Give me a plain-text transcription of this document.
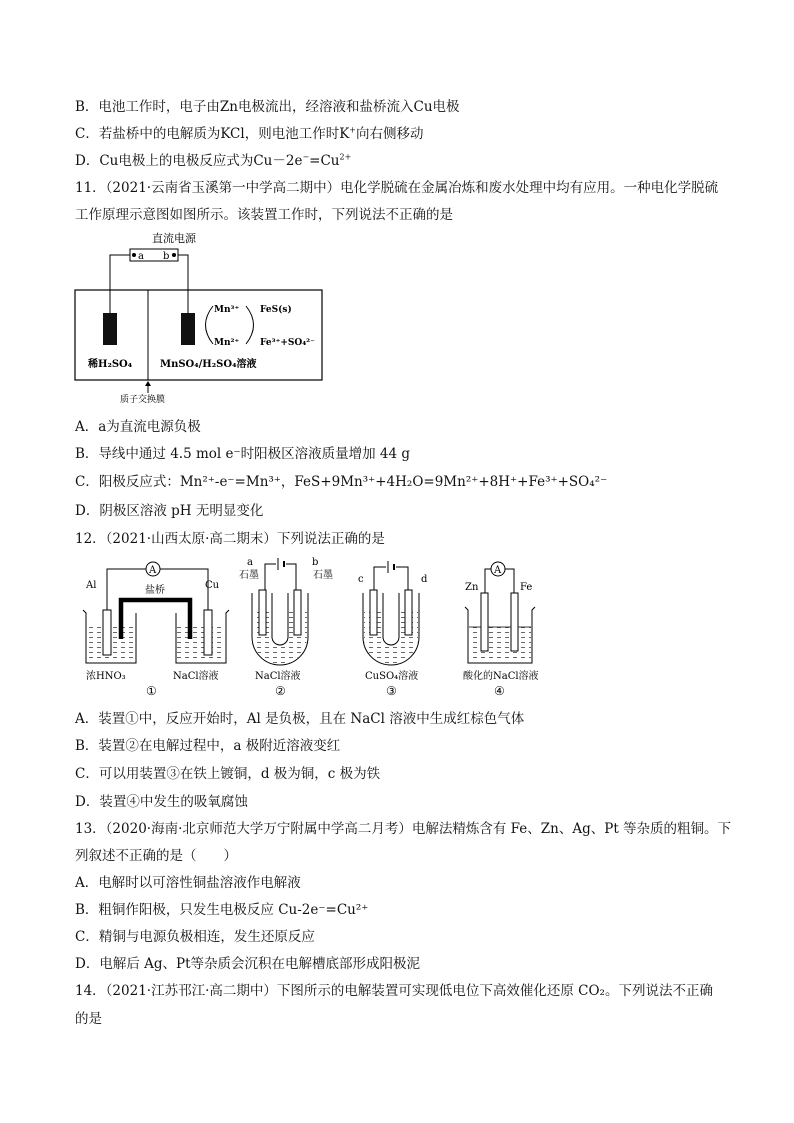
B．电池工作时，电子由Zn电极流出，经溶液和盐桥流入Cu电极
C．若盐桥中的电解质为KCl，则电池工作时K+向右侧移动
D．Cu电极上的电极反应式为$Cu-2e^-=Cu^{2+}$
11．（2021·云南省玉溪第一中学高二期中）电化学脱硫在金属冶炼和废水处理中均有应用。一种电化学脱硫
工作原理示意图如图所示。该装置工作时，下列说法不正确的是
直流电源
a b
Mn³⁺
Mn²⁺
FeS(s)
Fe³⁺+SO₄²⁻
稀H₂SO₄	MnSO₄/H₂SO₄溶液
质子交换膜
A．a为直流电源负极
B．导线中通过 4.5 mol e⁻时阳极区溶液质量增加 44 g
C．阳极反应式：Mn²⁺-e⁻=Mn³⁺，FeS+9Mn³⁺+4H₂O=9Mn²⁺+8H⁺+Fe³⁺+SO₄²⁻
D．阴极区溶液 pH 无明显变化
12．（2021·山西太原·高二期末）下列说法正确的是
A
Al	Cu
盐桥
浓HNO₃	NaCl溶液
①
a	b
石墨	石墨
NaCl溶液
②
c	d
CuSO₄溶液
③
A
Zn	Fe
酸化的NaCl溶液
④
A．装置①中，反应开始时，Al 是负极，且在 NaCl 溶液中生成红棕色气体
B．装置②在电解过程中，a 极附近溶液变红
C．可以用装置③在铁上镀铜，d 极为铜，c 极为铁
D．装置④中发生的吸氧腐蚀
13．（2020·海南·北京师范大学万宁附属中学高二月考）电解法精炼含有 Fe、Zn、Ag、Pt 等杂质的粗铜。下
列叙述不正确的是（　　）
A．电解时以可溶性铜盐溶液作电解液
B．粗铜作阳极，只发生电极反应 Cu-2e⁻=Cu²⁺
C．精铜与电源负极相连，发生还原反应
D．电解后 Ag、Pt等杂质会沉积在电解槽底部形成阳极泥
14．（2021·江苏邗江·高二期中）下图所示的电解装置可实现低电位下高效催化还原 CO₂。下列说法不正确
的是
